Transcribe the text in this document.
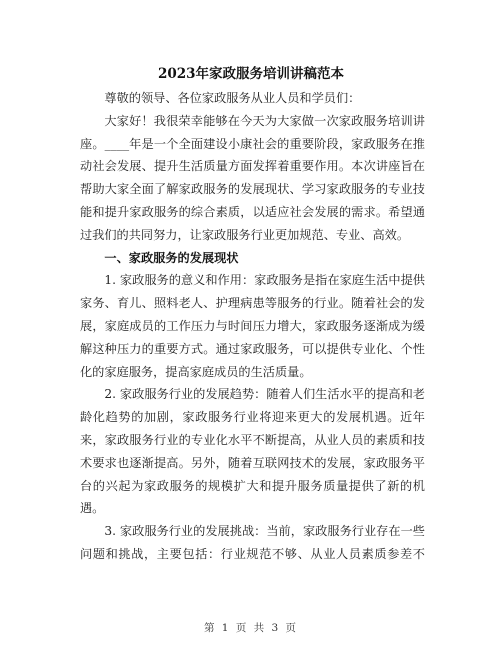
2023年家政服务培训讲稿范本

尊敬的领导、各位家政服务从业人员和学员们：

大家好！我很荣幸能够在今天为大家做一次家政服务培训讲
座。____年是一个全面建设小康社会的重要阶段，家政服务在推
动社会发展、提升生活质量方面发挥着重要作用。本次讲座旨在
帮助大家全面了解家政服务的发展现状、学习家政服务的专业技
能和提升家政服务的综合素质，以适应社会发展的需求。希望通
过我们的共同努力，让家政服务行业更加规范、专业、高效。

一、家政服务的发展现状

1. 家政服务的意义和作用：家政服务是指在家庭生活中提供
家务、育儿、照料老人、护理病患等服务的行业。随着社会的发
展，家庭成员的工作压力与时间压力增大，家政服务逐渐成为缓
解这种压力的重要方式。通过家政服务，可以提供专业化、个性
化的家庭服务，提高家庭成员的生活质量。

2. 家政服务行业的发展趋势：随着人们生活水平的提高和老
龄化趋势的加剧，家政服务行业将迎来更大的发展机遇。近年
来，家政服务行业的专业化水平不断提高，从业人员的素质和技
术要求也逐渐提高。另外，随着互联网技术的发展，家政服务平
台的兴起为家政服务的规模扩大和提升服务质量提供了新的机
遇。

3. 家政服务行业的发展挑战：当前，家政服务行业存在一些
问题和挑战，主要包括：行业规范不够、从业人员素质参差不

第 1 页 共 3 页
